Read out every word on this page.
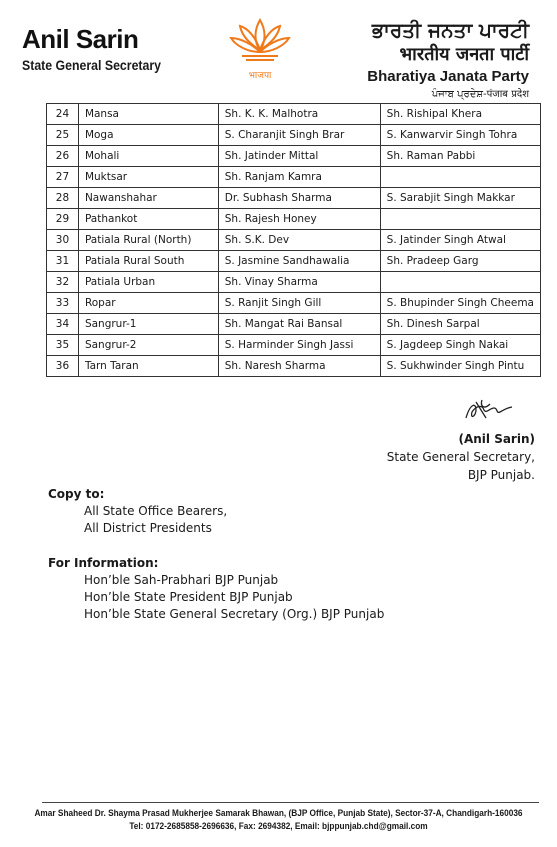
Anil Sarin
State General Secretary
भाजपा
ਭਾਰਤੀ ਜਨਤਾ ਪਾਰਟੀ
भारतीय जनता पार्टी
Bharatiya Janata Party
ਪੰਜਾਬ ਪ੍ਰਦੇਸ਼-पंजाब प्रदेश
24	Mansa	Sh. K. K. Malhotra	Sh. Rishipal Khera
25	Moga	S. Charanjit Singh Brar	S. Kanwarvir Singh Tohra
26	Mohali	Sh. Jatinder Mittal	Sh. Raman Pabbi
27	Muktsar	Sh. Ranjam Kamra	
28	Nawanshahar	Dr. Subhash Sharma	S. Sarabjit Singh Makkar
29	Pathankot	Sh. Rajesh Honey	
30	Patiala Rural (North)	Sh. S.K. Dev	S. Jatinder Singh Atwal
31	Patiala Rural South	S. Jasmine Sandhawalia	Sh. Pradeep Garg
32	Patiala Urban	Sh. Vinay Sharma	
33	Ropar	S. Ranjit Singh Gill	S. Bhupinder Singh Cheema
34	Sangrur-1	Sh. Mangat Rai Bansal	Sh. Dinesh Sarpal
35	Sangrur-2	S. Harminder Singh Jassi	S. Jagdeep Singh Nakai
36	Tarn Taran	Sh. Naresh Sharma	S. Sukhwinder Singh Pintu
(Anil Sarin)
State General Secretary,
BJP Punjab.
Copy to:
All State Office Bearers,
All District Presidents
For Information:
Hon’ble Sah-Prabhari BJP Punjab
Hon’ble State President BJP Punjab
Hon’ble State General Secretary (Org.) BJP Punjab
Amar Shaheed Dr. Shayma Prasad Mukherjee Samarak Bhawan, (BJP Office, Punjab State), Sector-37-A, Chandigarh-160036
Tel: 0172-2685858-2696636, Fax: 2694382, Email: bjppunjab.chd@gmail.com
